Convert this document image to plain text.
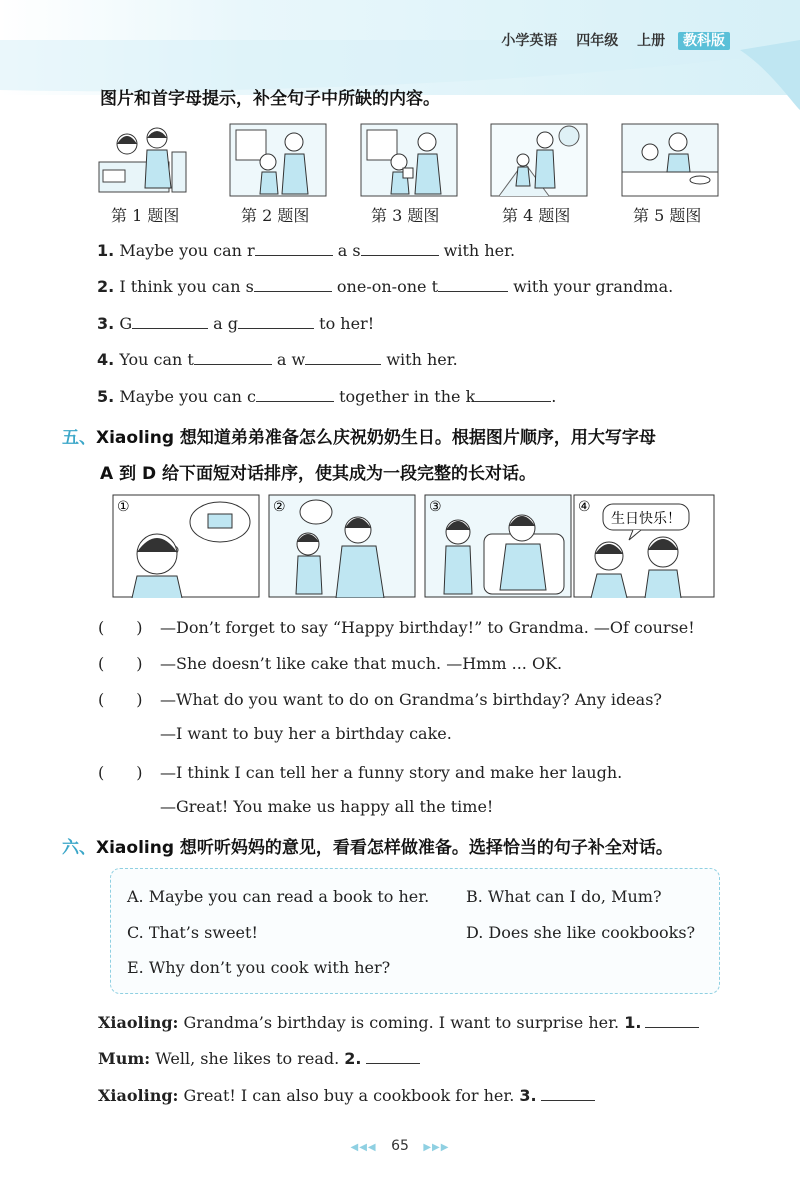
小学英语 四年级 上册 教科版
图片和首字母提示，补全句子中所缺的内容。
第 1 题图	第 2 题图	第 3 题图	第 4 题图	第 5 题图
1. Maybe you can r	a s	with her.
2. I think you can s	one-on-one t	with your grandma.
3. G	a g	to her!
4. You can t	a w	with her.
5. Maybe you can c	together in the k	.
五、Xiaoling 想知道弟弟准备怎么庆祝奶奶生日。根据图片顺序，用大写字母
A 到 D 给下面短对话排序，使其成为一段完整的长对话。
①	②	③	④
生日快乐！
(　　) —Don’t forget to say “Happy birthday!” to Grandma. —Of course!
(　　) —She doesn’t like cake that much. —Hmm ... OK.
(　　) —What do you want to do on Grandma’s birthday? Any ideas?
—I want to buy her a birthday cake.
(　　) —I think I can tell her a funny story and make her laugh.
—Great! You make us happy all the time!
六、Xiaoling 想听听妈妈的意见，看看怎样做准备。选择恰当的句子补全对话。
A. Maybe you can read a book to her. B. What can I do, Mum?
C. That’s sweet!	D. Does she like cookbooks?
E. Why don’t you cook with her?
Xiaoling: Grandma’s birthday is coming. I want to surprise her. 1.
Mum: Well, she likes to read. 2.
Xiaoling: Great! I can also buy a cookbook for her. 3.
◀◀◀ 65 ▶▶▶
